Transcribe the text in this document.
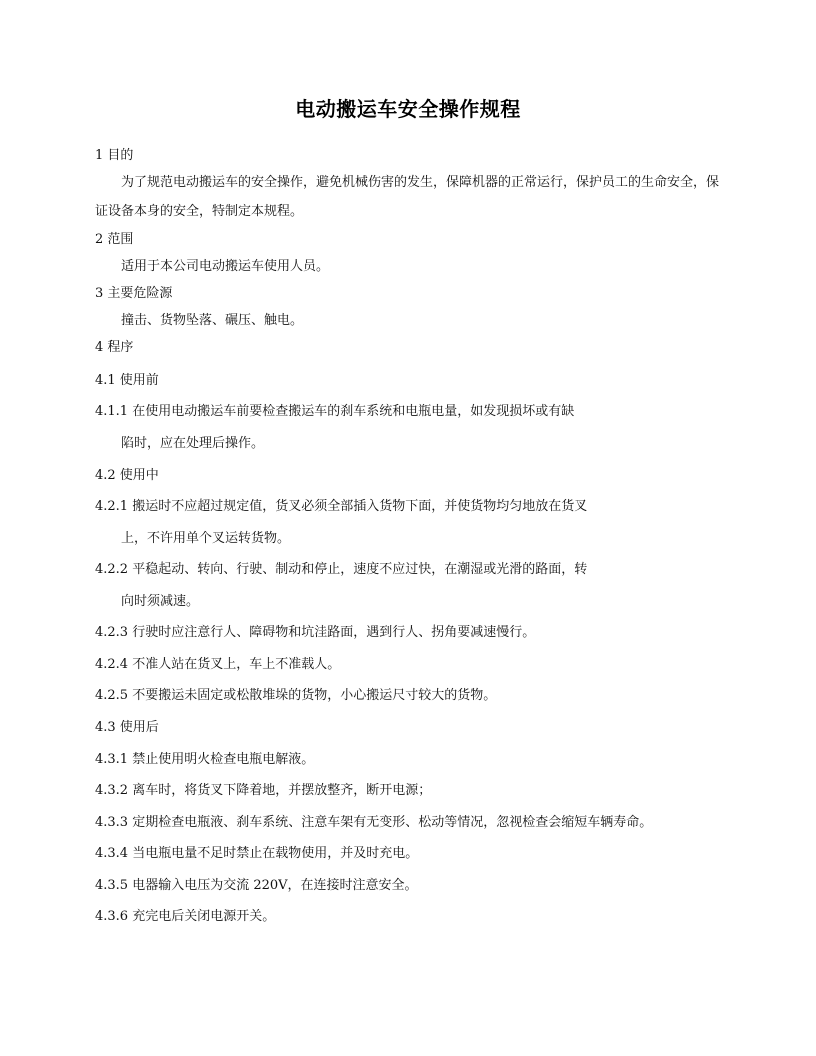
电动搬运车安全操作规程
1 目的
为了规范电动搬运车的安全操作，避免机械伤害的发生，保障机器的正常运行，保护员工的生命安全，保证设备本身的安全，特制定本规程。
2 范围
适用于本公司电动搬运车使用人员。
3 主要危险源
撞击、货物坠落、碾压、触电。
4 程序
4.1 使用前
4.1.1 在使用电动搬运车前要检查搬运车的刹车系统和电瓶电量，如发现损坏或有缺
陷时，应在处理后操作。
4.2 使用中
4.2.1 搬运时不应超过规定值，货叉必须全部插入货物下面，并使货物均匀地放在货叉
上，不许用单个叉运转货物。
4.2.2 平稳起动、转向、行驶、制动和停止，速度不应过快，在潮湿或光滑的路面，转
向时须减速。
4.2.3 行驶时应注意行人、障碍物和坑洼路面，遇到行人、拐角要减速慢行。
4.2.4 不准人站在货叉上，车上不准载人。
4.2.5 不要搬运未固定或松散堆垛的货物，小心搬运尺寸较大的货物。
4.3 使用后
4.3.1 禁止使用明火检查电瓶电解液。
4.3.2 离车时，将货叉下降着地，并摆放整齐，断开电源；
4.3.3 定期检查电瓶液、刹车系统、注意车架有无变形、松动等情况，忽视检查会缩短车辆寿命。
4.3.4 当电瓶电量不足时禁止在载物使用，并及时充电。
4.3.5 电器输入电压为交流 220V，在连接时注意安全。
4.3.6 充完电后关闭电源开关。
